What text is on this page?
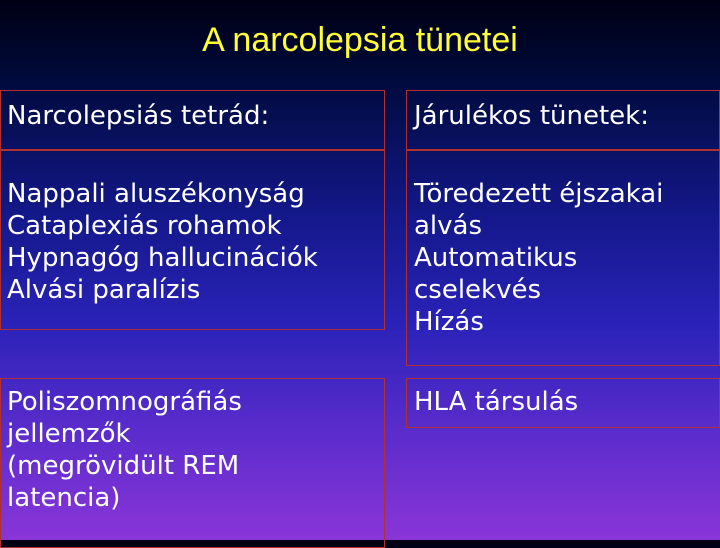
A narcolepsia tünetei
Narcolepsiás tetrád:
Nappali aluszékonyság
Cataplexiás rohamok
Hypnagóg hallucinációk
Alvási paralízis
Poliszomnográfiás
jellemzők
(megrövidült REM
latencia)
Járulékos tünetek:
Töredezett éjszakai
alvás
Automatikus
cselekvés
Hízás
HLA társulás
